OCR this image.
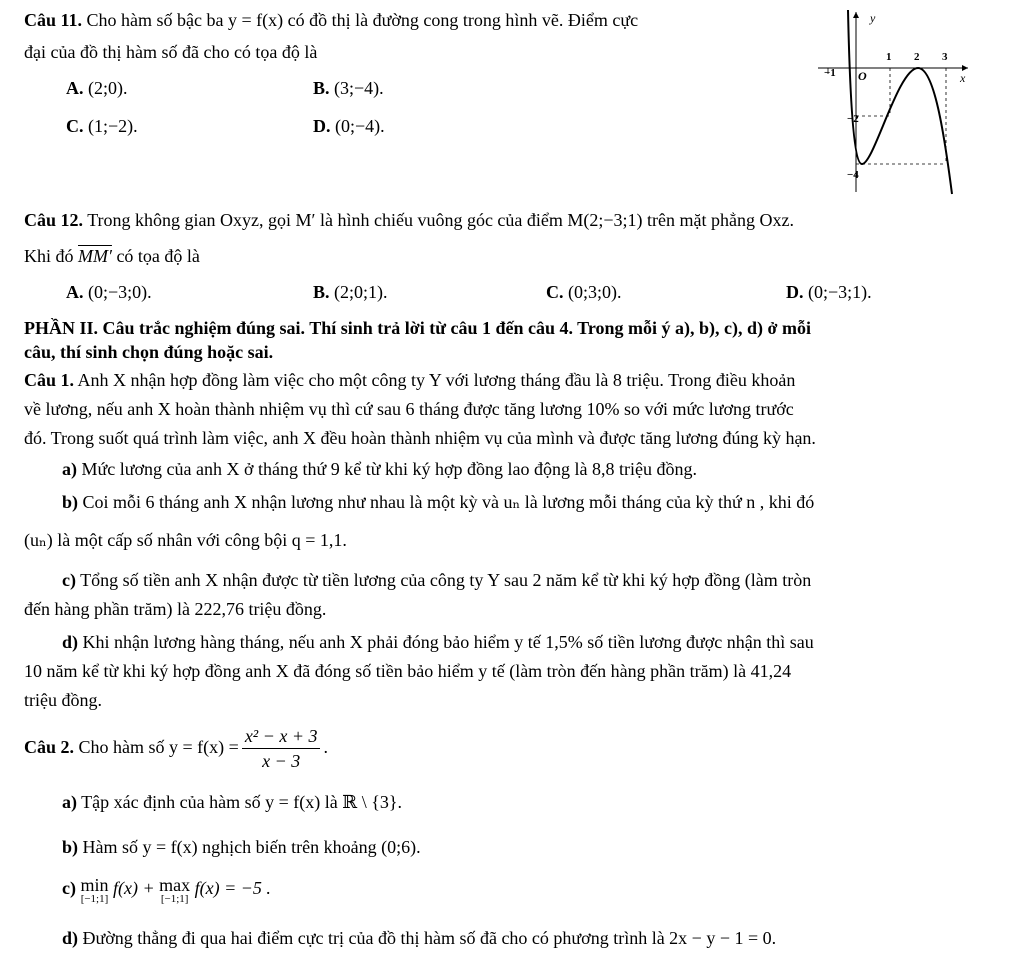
Câu 11. Cho hàm số bậc ba y = f(x) có đồ thị là đường cong trong hình vẽ. Điểm cực
đại của đồ thị hàm số đã cho có tọa độ là
A. (2;0).	B. (3;−4).
C. (1;−2).	D. (0;−4).
y
x
O
−1
1 2 3
−2
−4
Câu 12. Trong không gian Oxyz, gọi M′ là hình chiếu vuông góc của điểm M(2;−3;1) trên mặt phẳng Oxz.
Khi đó MM′ có tọa độ là
A. (0;−3;0).	B. (2;0;1).	C. (0;3;0).	D. (0;−3;1).
PHẦN II. Câu trắc nghiệm đúng sai. Thí sinh trả lời từ câu 1 đến câu 4. Trong mỗi ý a), b), c), d) ở mỗi
câu, thí sinh chọn đúng hoặc sai.
Câu 1. Anh X nhận hợp đồng làm việc cho một công ty Y với lương tháng đầu là 8 triệu. Trong điều khoản
về lương, nếu anh X hoàn thành nhiệm vụ thì cứ sau 6 tháng được tăng lương 10% so với mức lương trước
đó. Trong suốt quá trình làm việc, anh X đều hoàn thành nhiệm vụ của mình và được tăng lương đúng kỳ hạn.
a) Mức lương của anh X ở tháng thứ 9 kể từ khi ký hợp đồng lao động là 8,8 triệu đồng.
b) Coi mỗi 6 tháng anh X nhận lương như nhau là một kỳ và uₙ là lương mỗi tháng của kỳ thứ n , khi đó
(uₙ) là một cấp số nhân với công bội q = 1,1.
c) Tổng số tiền anh X nhận được từ tiền lương của công ty Y sau 2 năm kể từ khi ký hợp đồng (làm tròn
đến hàng phần trăm) là 222,76 triệu đồng.
d) Khi nhận lương hàng tháng, nếu anh X phải đóng bảo hiểm y tế 1,5% số tiền lương được nhận thì sau
10 năm kể từ khi ký hợp đồng anh X đã đóng số tiền bảo hiểm y tế (làm tròn đến hàng phần trăm) là 41,24
triệu đồng.
Câu 2. Cho hàm số $y = f(x) = \frac{\text{x² − x + 3}}{x - 3}$ .
a) Tập xác định của hàm số y = f(x) là ℝ \ {3}.
b) Hàm số y = f(x) nghịch biến trên khoảng (0;6).
c) min
[−1;1]
f(x) + max
[−1;1]
f(x) = −5 .
d) Đường thẳng đi qua hai điểm cực trị của đồ thị hàm số đã cho có phương trình là 2x − y − 1 = 0.
